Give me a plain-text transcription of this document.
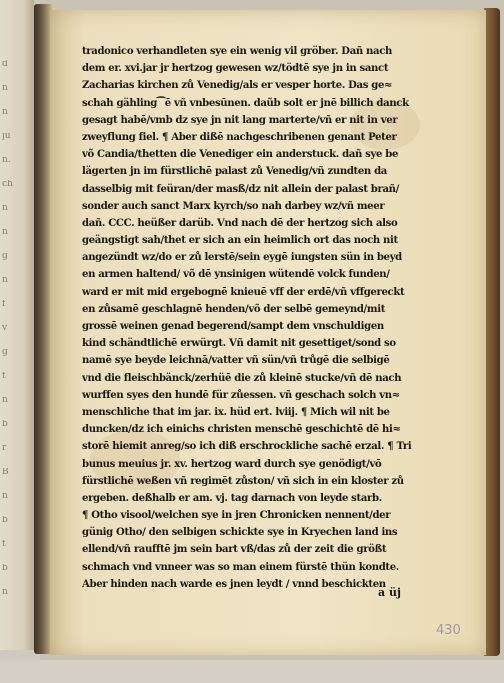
d
n
n
ju
n.
ch
n
n
g
n
f
v
g
t
n
b
r
B
n
b
t
b
n
tradonico verhandleten sye ein wenig vil gröber. Dañ nach
dem er. xvi.jar jr hertzog gewesen wz/tödtē sye jn in sanct
Zacharias kirchen zů Venedig/als er vesper horte. Das ge≈
schah gähling⁀ē vñ vnbesūnen. daũb solt er jnē billich danck
gesagt habē/vmb dz sye jn nit lang marterte/vñ er nit in ver
zweyflung fiel. ¶ Aber dißē nachgeschribenen genant Peter
võ Candia/thetten die Venediger ein anderstuck. dañ sye be
lägerten jn im fürstlichē palast zů Venedig/vñ zundten da
dasselbig mit feüran/der masß/dz nit allein der palast brañ/
sonder auch sanct Marx kyrch/so nah darbey wz/vñ meer
dañ. CCC. heüßer darüb. Vnd nach dē der hertzog sich also
geängstigt sah/thet er sich an ein heimlich ort das noch nit
angezündt wz/do er zů lerstē/sein eygē iungsten sün in beyd
en armen haltend/ võ dē ynsinigen wütendē volck funden/
ward er mit mid ergebognē knieuē vff der erdē/vñ vffgereckt
en zůsamē geschlagnē henden/võ der selbē gemeynd/mit
grossē weinen genad begerend/sampt dem vnschuldigen
kind schändtlichē erwürgt. Vñ damit nit gesettiget/sond so
namē sye beyde leichnā/vatter vñ sün/vñ trůgē die selbigē
vnd die fleischbänck/zerhüē die zů kleinē stucke/vñ dē nach
wurffen syes den hundē für zůessen. vñ geschach solch vn≈
menschliche that im jar. ix. hüd ert. lviij. ¶ Mich wil nit be
duncken/dz ich einichs christen menschē geschichtē dē hi≈
storē hiemit anreg/so ich diß erschrockliche sachē erzal. ¶ Tri
bunus meuius jr. xv. hertzog ward durch sye genödigt/vō
fürstlichē weßen vñ regimēt zůston/ vñ sich in ein kloster zů
ergeben. deßhalb er am. vj. tag darnach von leyde starb.
¶ Otho visool/welchen sye in jren Chronicken nennent/der
günig Otho/ den selbigen schickte sye in Kryechen land ins
ellend/vñ raufftē jm sein bart vß/das zů der zeit die größt
schmach vnd vnneer was so man einem fürstē thün kondte.
Aber hinden nach warde es jnen leydt / vnnd beschickten
a üj
430
